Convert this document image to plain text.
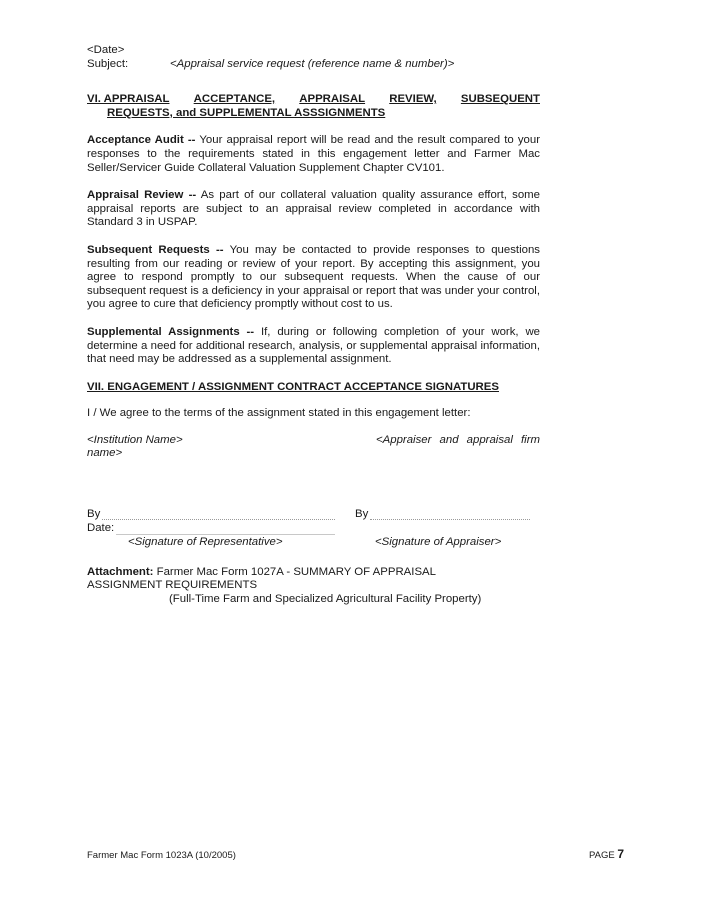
<Date>
Subject:	<Appraisal service request (reference name & number)>
VI. APPRAISAL ACCEPTANCE, APPRAISAL REVIEW, SUBSEQUENT
REQUESTS, and SUPPLEMENTAL ASSSIGNMENTS
Acceptance Audit -- Your appraisal report will be read and the result compared to your responses to the requirements stated in this engagement letter and Farmer Mac Seller/Servicer Guide Collateral Valuation Supplement Chapter CV101.
Appraisal Review -- As part of our collateral valuation quality assurance effort, some appraisal reports are subject to an appraisal review completed in accordance with Standard 3 in USPAP.
Subsequent Requests -- You may be contacted to provide responses to questions resulting from our reading or review of your report. By accepting this assignment, you agree to respond promptly to our subsequent requests. When the cause of our subsequent request is a deficiency in your appraisal or report that was under your control, you agree to cure that deficiency promptly without cost to us.
Supplemental Assignments -- If, during or following completion of your work, we determine a need for additional research, analysis, or supplemental appraisal information, that need may be addressed as a supplemental assignment.
VII. ENGAGEMENT / ASSIGNMENT CONTRACT ACCEPTANCE SIGNATURES
I / We agree to the terms of the assignment stated in this engagement letter:
<Institution Name>
name>
<Appraiser and appraisal firm
By	By
Date:
<Signature of Representative>	<Signature of Appraiser>
Attachment: Farmer Mac Form 1027A - SUMMARY OF APPRAISAL
ASSIGNMENT REQUIREMENTS
(Full-Time Farm and Specialized Agricultural Facility Property)
Farmer Mac Form 1023A (10/2005)	PAGE 7
